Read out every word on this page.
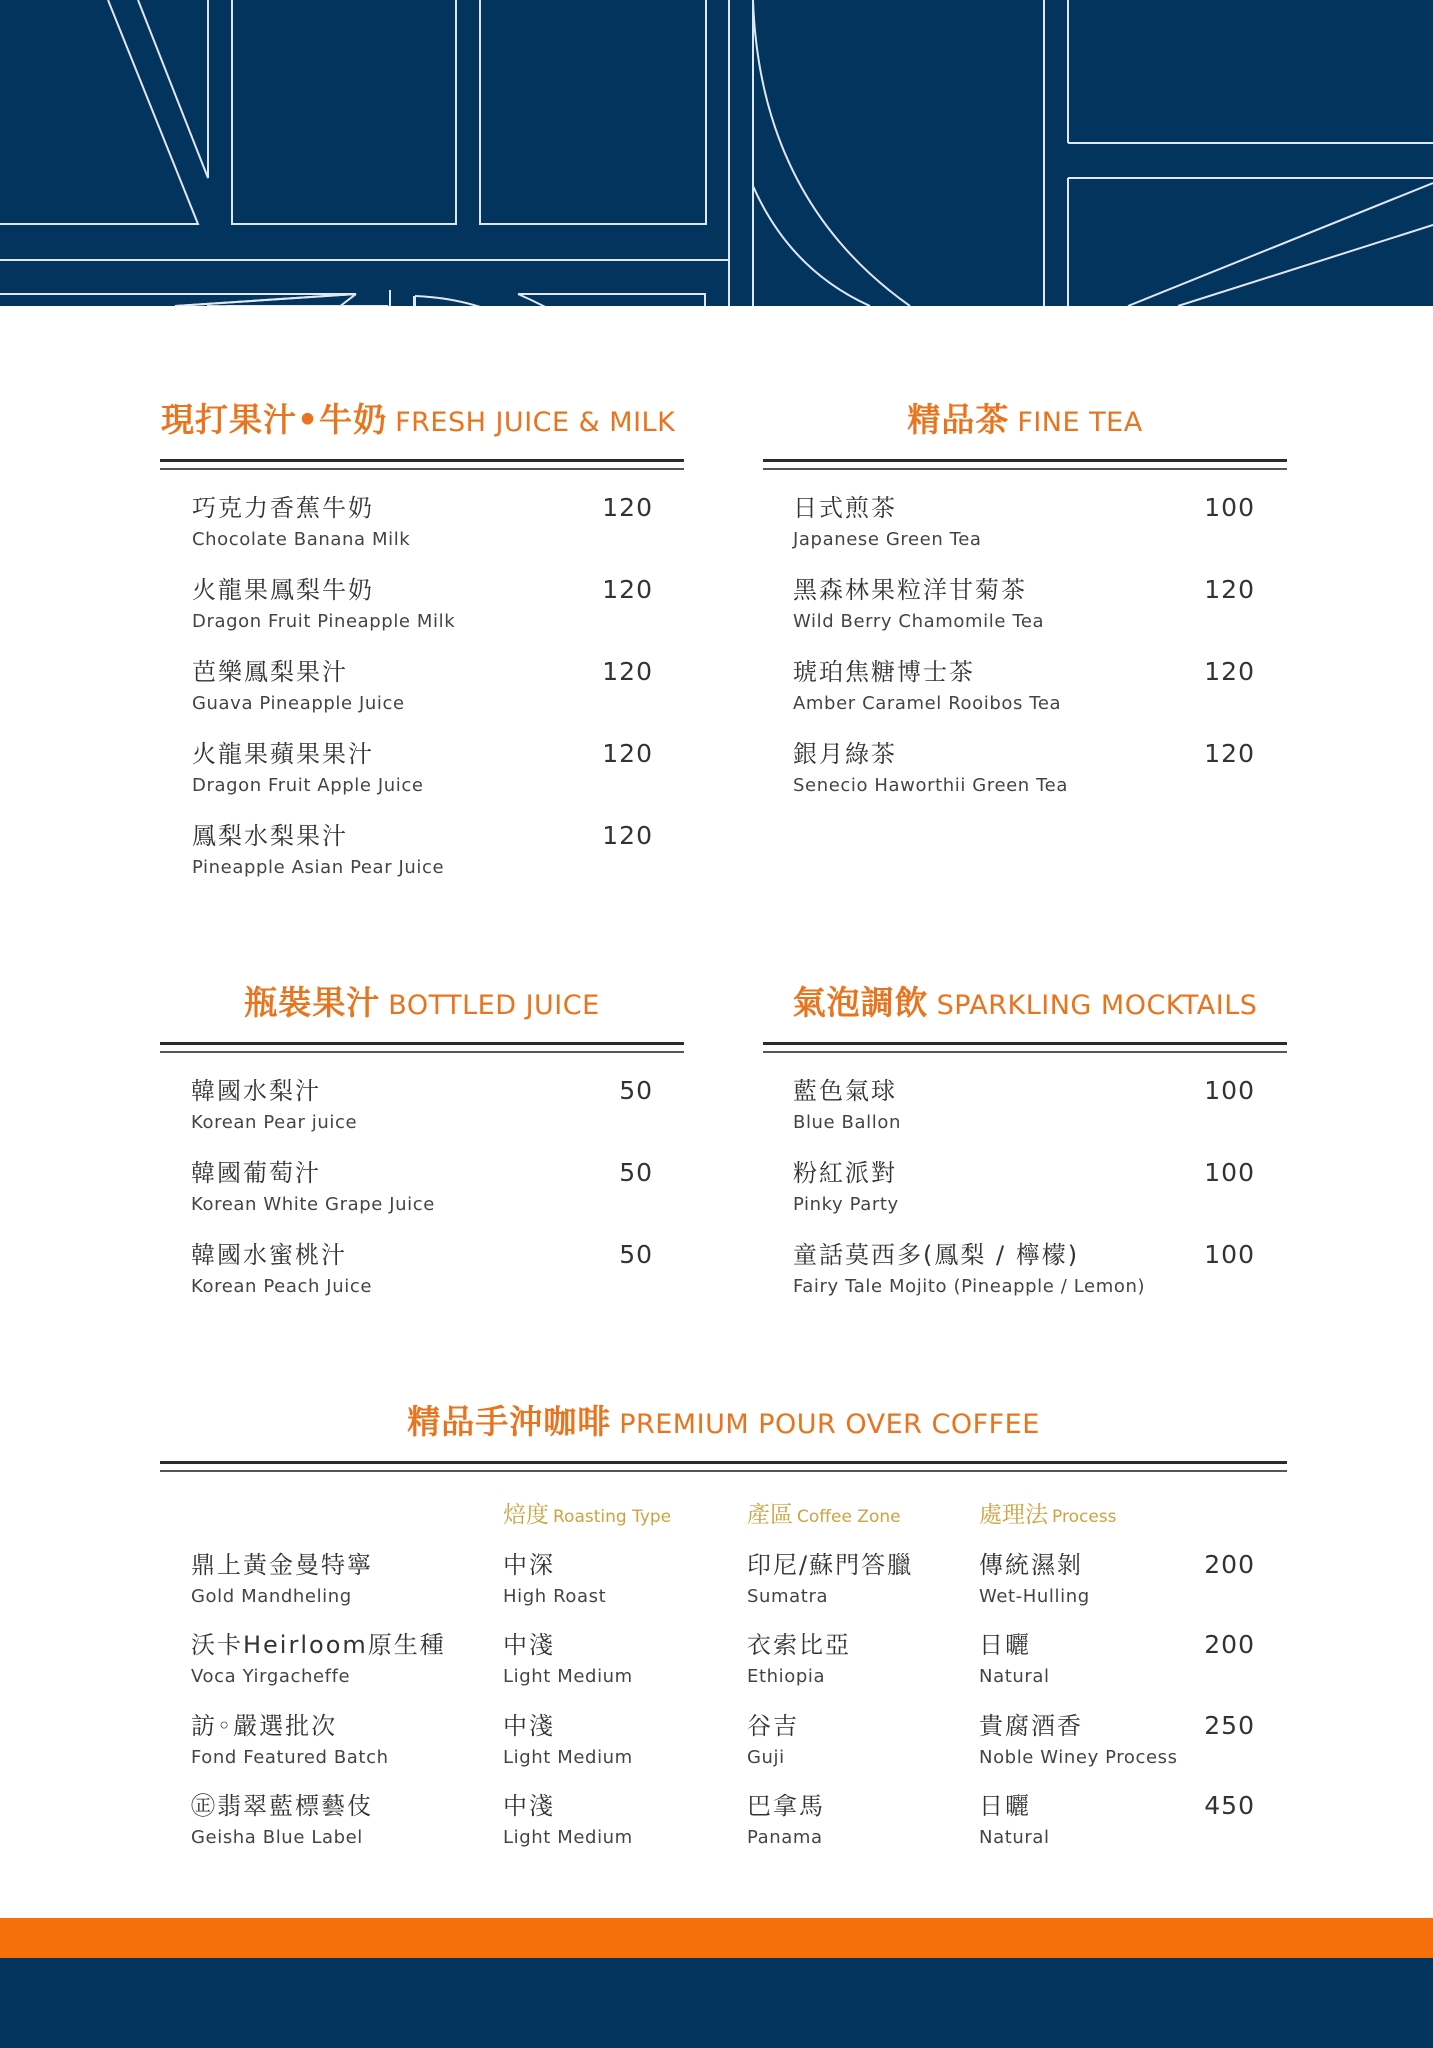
現打果汁•牛奶 FRESH JUICE & MILK
巧克力香蕉牛奶
Chocolate Banana Milk
120
火龍果鳳梨牛奶
Dragon Fruit Pineapple Milk
120
芭樂鳳梨果汁
Guava Pineapple Juice
120
火龍果蘋果果汁
Dragon Fruit Apple Juice
120
鳳梨水梨果汁
Pineapple Asian Pear Juice
120
精品茶 FINE TEA
日式煎茶
Japanese Green Tea
100
黑森林果粒洋甘菊茶
Wild Berry Chamomile Tea
120
琥珀焦糖博士茶
Amber Caramel Rooibos Tea
120
銀月綠茶
Senecio Haworthii Green Tea
120
瓶裝果汁 BOTTLED JUICE
韓國水梨汁
Korean Pear juice
50
韓國葡萄汁
Korean White Grape Juice
50
韓國水蜜桃汁
Korean Peach Juice
50
氣泡調飲 SPARKLING MOCKTAILS
藍色氣球
Blue Ballon
100
粉紅派對
Pinky Party
100
童話莫西多(鳳梨 / 檸檬)
Fairy Tale Mojito (Pineapple / Lemon)
100
精品手沖咖啡 PREMIUM POUR OVER COFFEE
焙度 Roasting Type	產區 Coffee Zone	處理法 Process
鼎上黃金曼特寧
Gold Mandheling
中深
High Roast
印尼/蘇門答臘
Sumatra
傳統濕剝
Wet-Hulling
200
沃卡Heirloom原生種
Voca Yirgacheffe
中淺
Light Medium
衣索比亞
Ethiopia
日曬
Natural
200
訪◦嚴選批次
Fond Featured Batch
中淺
Light Medium
谷吉
Guji
貴腐酒香
Noble Winey Process
250
㊣翡翠藍標藝伎
Geisha Blue Label
中淺
Light Medium
巴拿馬
Panama
日曬
Natural
450
